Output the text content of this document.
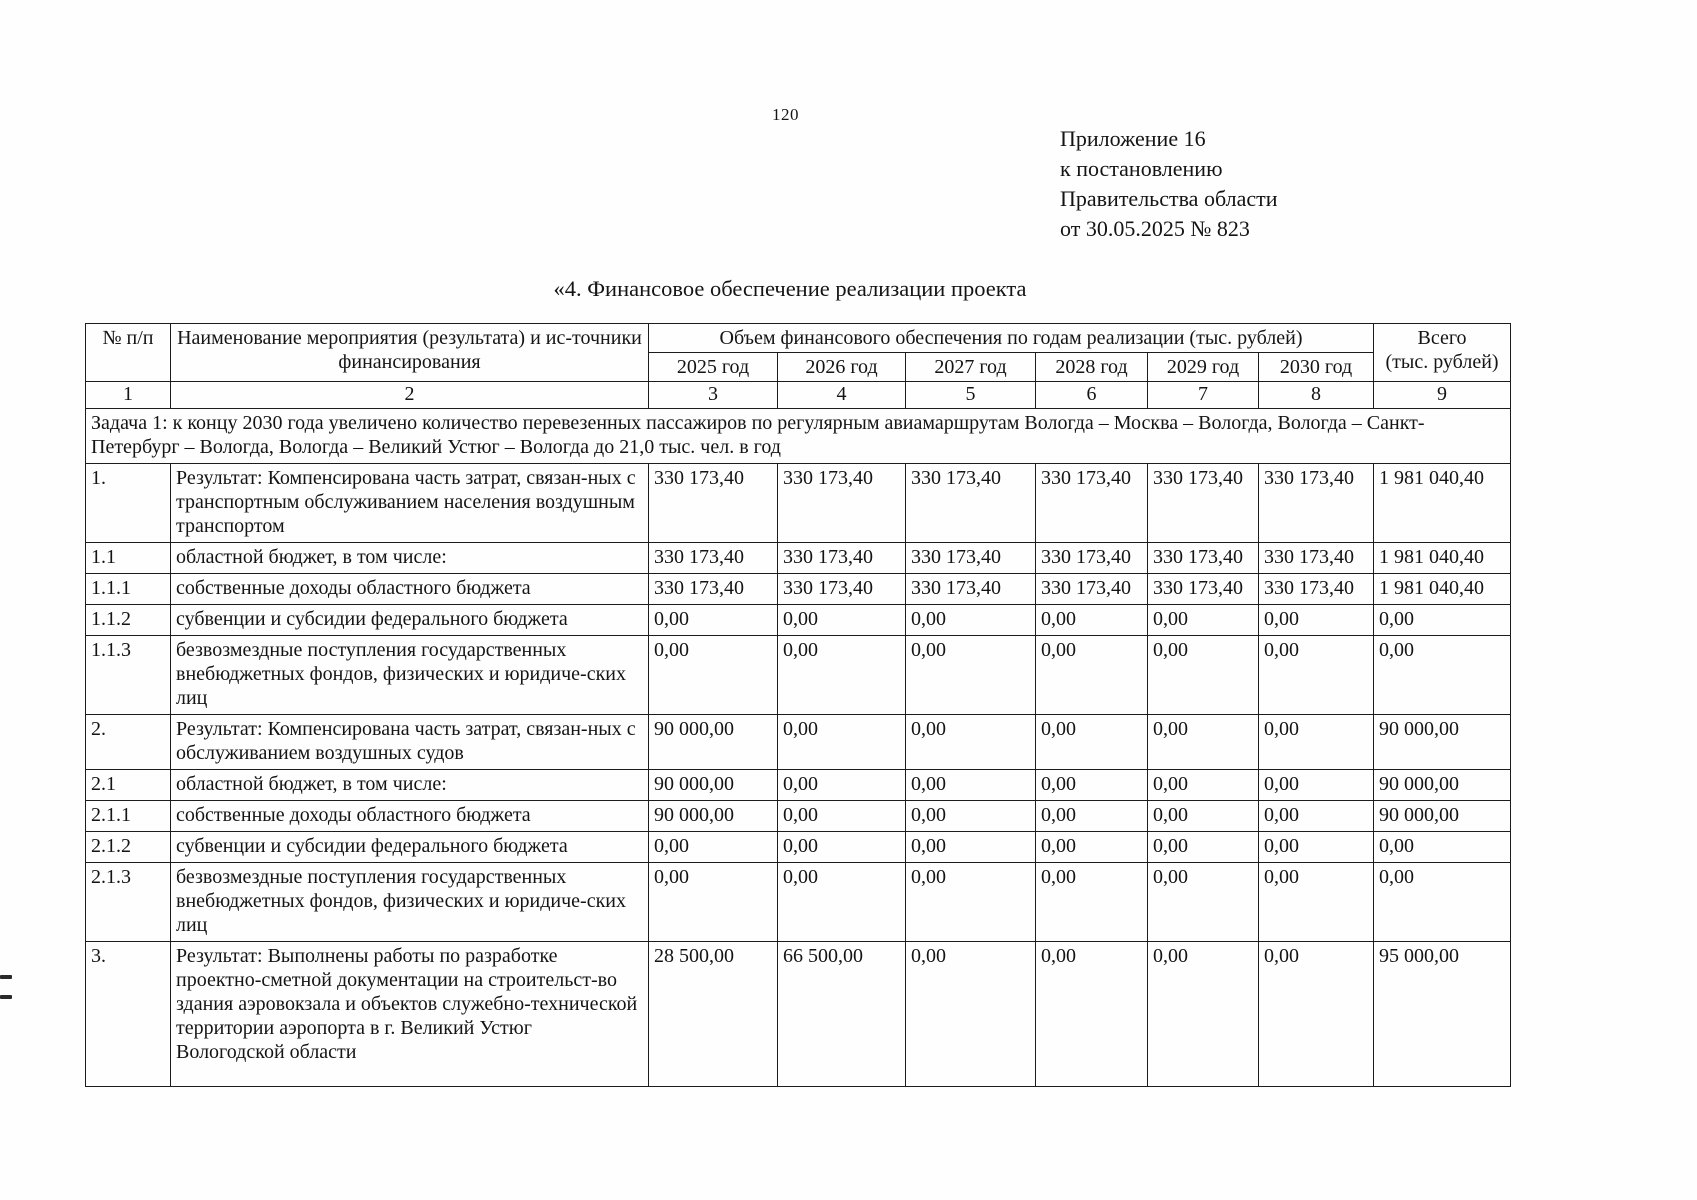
120
Приложение 16
к постановлению
Правительства области
от 30.05.2025 № 823
«4. Финансовое обеспечение реализации проекта
№ п/п	Наименование мероприятия (результата) и ис-точники финансирования	Объем финансового обеспечения по годам реализации (тыс. рублей)						Всего
(тыс. рублей)

		2025 год	2026 год	2027 год	2028 год	2029 год	2030 год	
1	2	3	4	5	6	7	8	9
Задача 1: к концу 2030 года увеличено количество перевезенных пассажиров по регулярным авиамаршрутам Вологда – Москва – Вологда, Вологда – Санкт-Петербург – Вологда, Вологда – Великий Устюг – Вологда до 21,0 тыс. чел. в год								
1.	Результат: Компенсирована часть затрат, связан-ных с транспортным обслуживанием населения воздушным транспортом	330 173,40	330 173,40	330 173,40	330 173,40	330 173,40	330 173,40	1 981 040,40
1.1	областной бюджет, в том числе:	330 173,40	330 173,40	330 173,40	330 173,40	330 173,40	330 173,40	1 981 040,40
1.1.1	собственные доходы областного бюджета	330 173,40	330 173,40	330 173,40	330 173,40	330 173,40	330 173,40	1 981 040,40
1.1.2	субвенции и субсидии федерального бюджета	0,00	0,00	0,00	0,00	0,00	0,00	0,00
1.1.3	безвозмездные поступления государственных внебюджетных фондов, физических и юридиче-ских лиц	0,00	0,00	0,00	0,00	0,00	0,00	0,00
2.	Результат: Компенсирована часть затрат, связан-ных с обслуживанием воздушных судов	90 000,00	0,00	0,00	0,00	0,00	0,00	90 000,00
2.1	областной бюджет, в том числе:	90 000,00	0,00	0,00	0,00	0,00	0,00	90 000,00
2.1.1	собственные доходы областного бюджета	90 000,00	0,00	0,00	0,00	0,00	0,00	90 000,00
2.1.2	субвенции и субсидии федерального бюджета	0,00	0,00	0,00	0,00	0,00	0,00	0,00
2.1.3	безвозмездные поступления государственных внебюджетных фондов, физических и юридиче-ских лиц	0,00	0,00	0,00	0,00	0,00	0,00	0,00
3.	Результат: Выполнены работы по разработке проектно-сметной документации на строительст-во здания аэровокзала и объектов служебно-технической территории аэропорта в г. Великий Устюг Вологодской области	28 500,00	66 500,00	0,00	0,00	0,00	0,00	95 000,00
